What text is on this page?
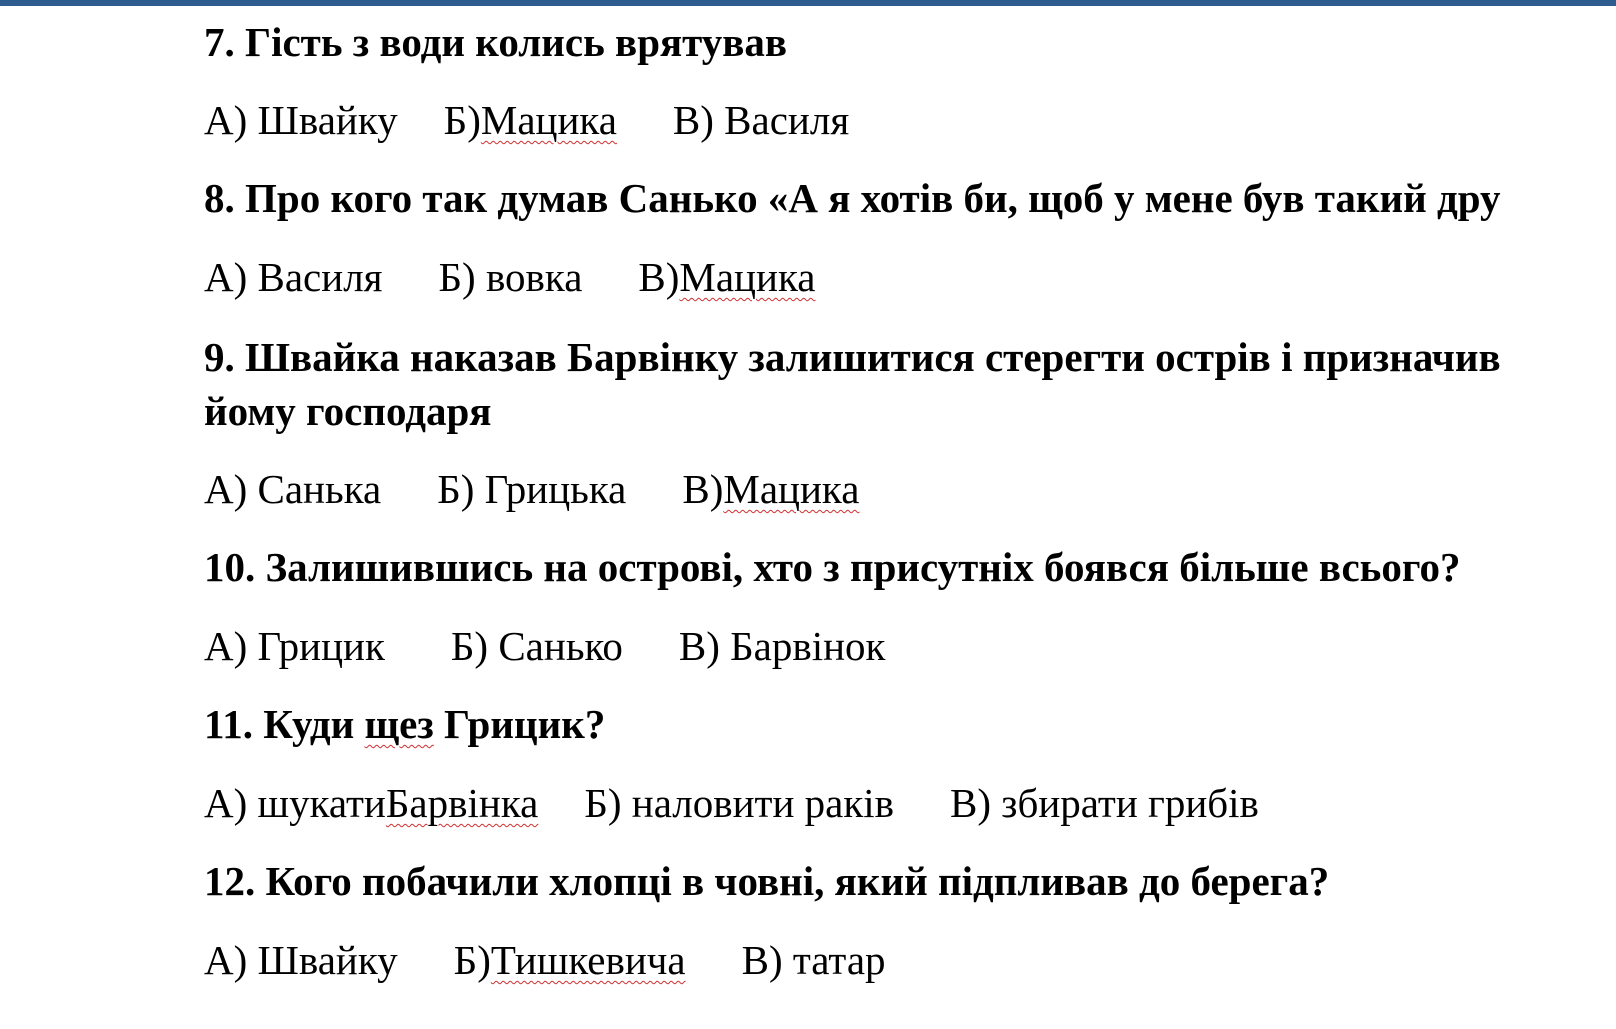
7. Гість з води колись врятував
А) Швайку Б)Мацика В) Василя
8. Про кого так думав Санько «А я хотів би, щоб у мене був такий дру
А) Василя Б) вовка В)Мацика
9. Швайка наказав Барвінку залишитися стерегти острів і призначив
йому господаря
А) Санька Б) Грицька В)Мацика
10. Залишившись на острові, хто з присутніх боявся більше всього?
А) Грицик Б) Санько В) Барвінок
11. Куди щез Грицик?
А) шукатиБарвінка Б) наловити раків В) збирати грибів
12. Кого побачили хлопці в човні, який підпливав до берега?
А) Швайку Б)Тишкевича В) татар
